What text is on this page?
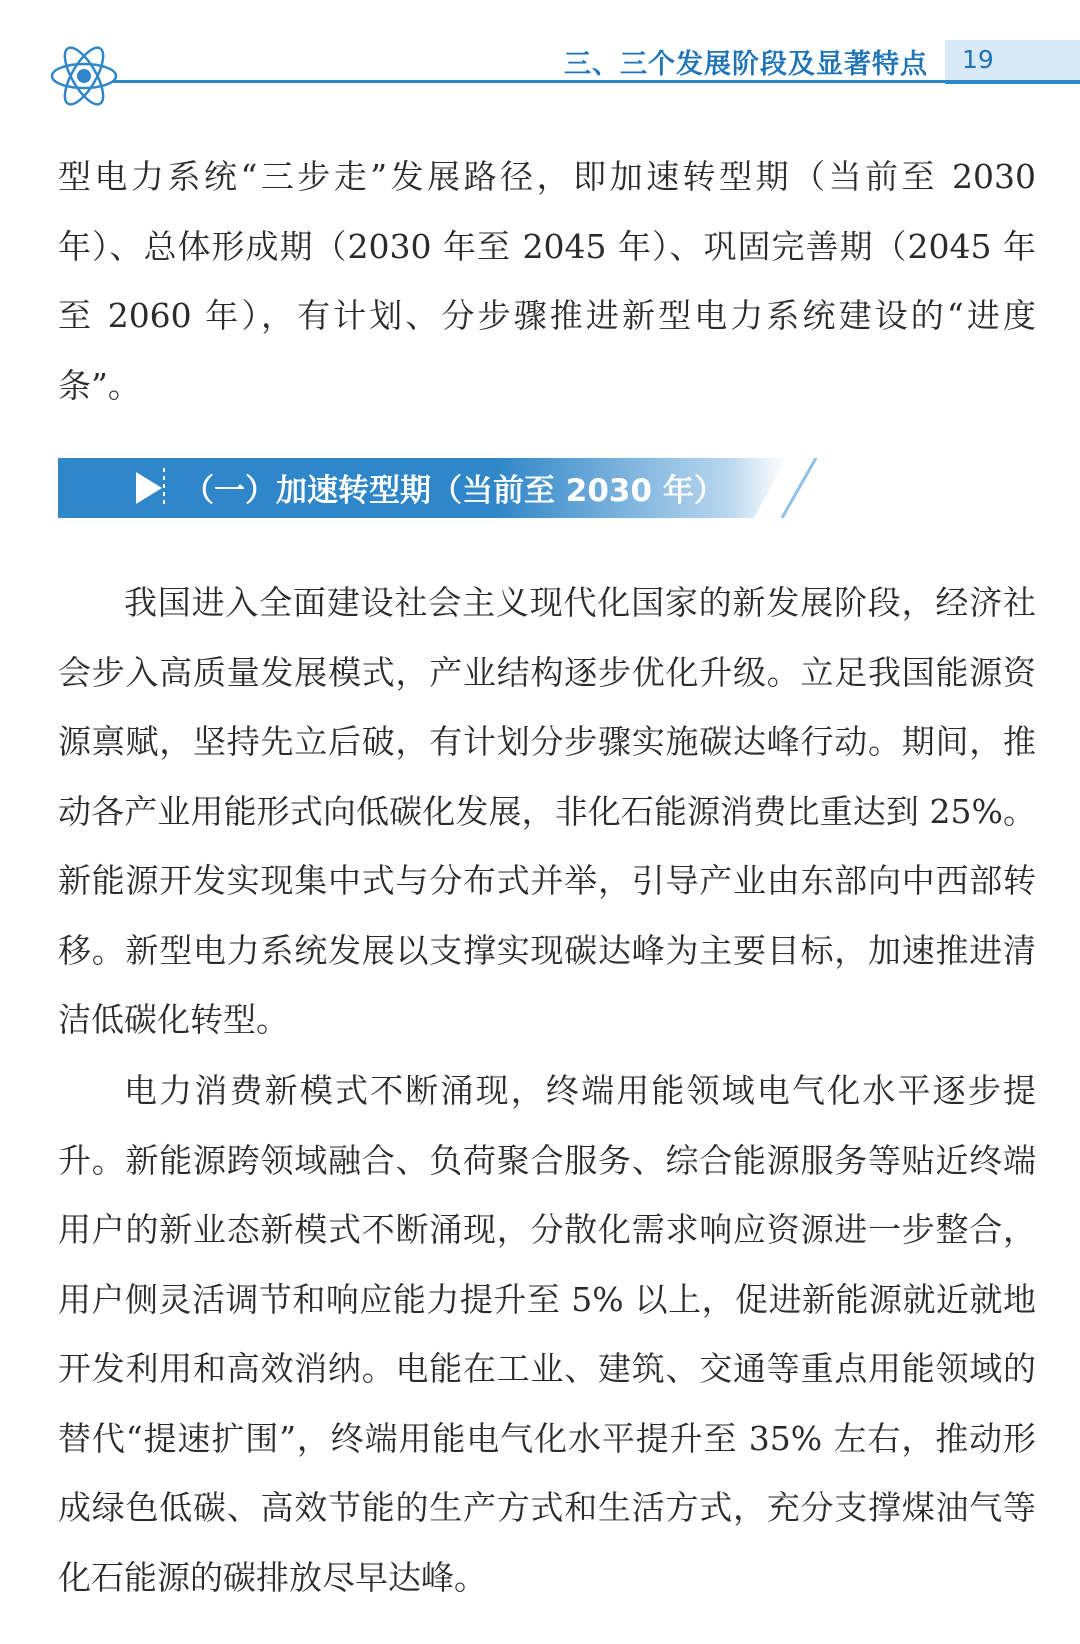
三、三个发展阶段及显著特点 19

型电力系统“三步走”发展路径，即加速转型期（当前至 2030 年）、总体形成期（2030 年至 2045 年）、巩固完善期（2045 年至 2060 年），有计划、分步骤推进新型电力系统建设的“进度条”。

（一）加速转型期（当前至 2030 年）

我国进入全面建设社会主义现代化国家的新发展阶段，经济社会步入高质量发展模式，产业结构逐步优化升级。立足我国能源资源禀赋，坚持先立后破，有计划分步骤实施碳达峰行动。期间，推动各产业用能形式向低碳化发展，非化石能源消费比重达到 25%。新能源开发实现集中式与分布式并举，引导产业由东部向中西部转移。新型电力系统发展以支撑实现碳达峰为主要目标，加速推进清洁低碳化转型。

电力消费新模式不断涌现，终端用能领域电气化水平逐步提升。新能源跨领域融合、负荷聚合服务、综合能源服务等贴近终端用户的新业态新模式不断涌现，分散化需求响应资源进一步整合，用户侧灵活调节和响应能力提升至 5% 以上，促进新能源就近就地开发利用和高效消纳。电能在工业、建筑、交通等重点用能领域的替代“提速扩围”，终端用能电气化水平提升至 35% 左右，推动形成绿色低碳、高效节能的生产方式和生活方式，充分支撑煤油气等化石能源的碳排放尽早达峰。
